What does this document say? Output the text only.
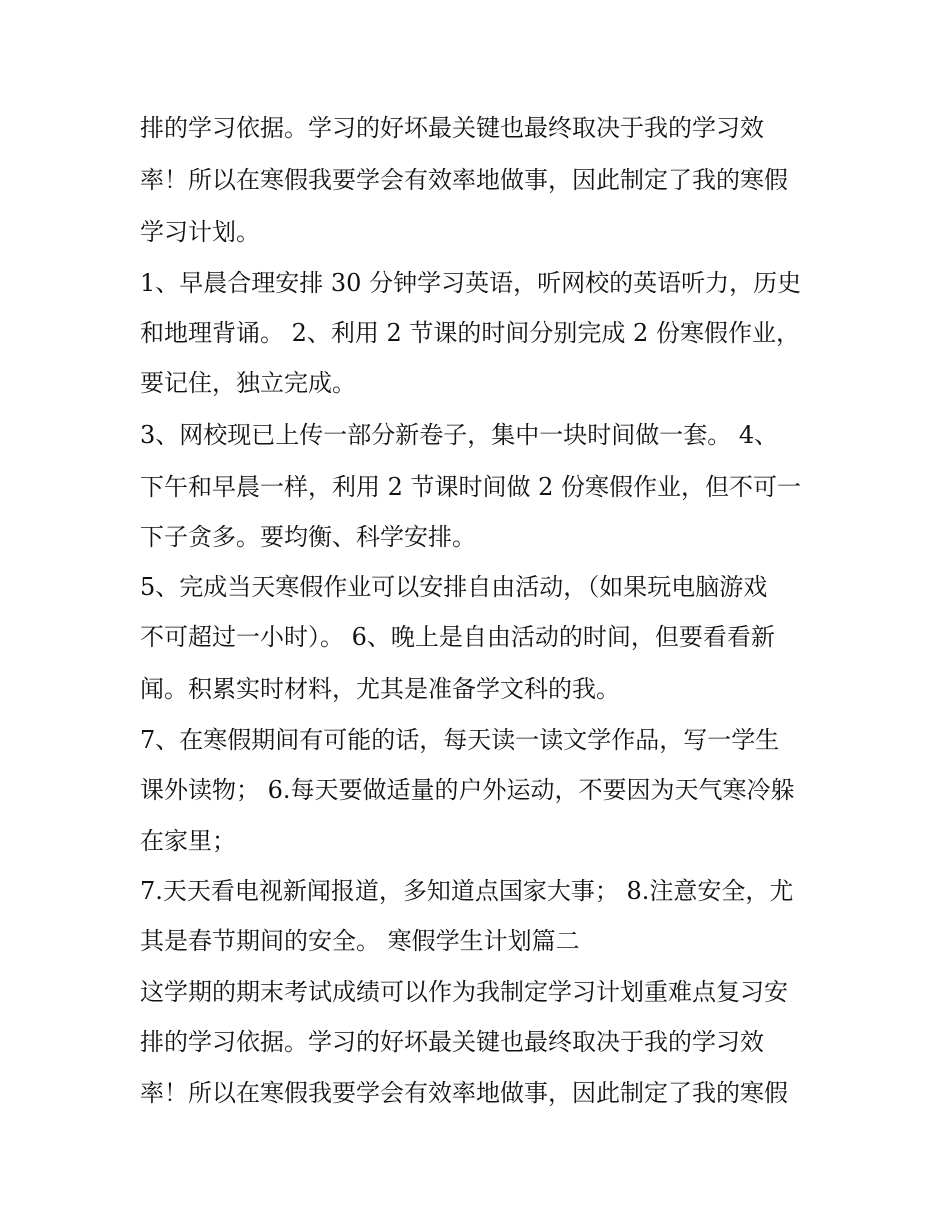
排的学习依据。学习的好坏最关键也最终取决于我的学习效
率！所以在寒假我要学会有效率地做事，因此制定了我的寒假
学习计划。
1、早晨合理安排 30 分钟学习英语，听网校的英语听力，历史
和地理背诵。 2、利用 2 节课的时间分别完成 2 份寒假作业，
要记住，独立完成。
3、网校现已上传一部分新卷子，集中一块时间做一套。 4、
下午和早晨一样，利用 2 节课时间做 2 份寒假作业，但不可一
下子贪多。要均衡、科学安排。
5、完成当天寒假作业可以安排自由活动，（如果玩电脑游戏
不可超过一小时）。 6、晚上是自由活动的时间，但要看看新
闻。积累实时材料，尤其是准备学文科的我。
7、在寒假期间有可能的话，每天读一读文学作品，写一学生
课外读物； 6.每天要做适量的户外运动，不要因为天气寒冷躲
在家里；
7.天天看电视新闻报道，多知道点国家大事； 8.注意安全，尤
其是春节期间的安全。 寒假学生计划篇二
这学期的期末考试成绩可以作为我制定学习计划重难点复习安
排的学习依据。学习的好坏最关键也最终取决于我的学习效
率！所以在寒假我要学会有效率地做事，因此制定了我的寒假
